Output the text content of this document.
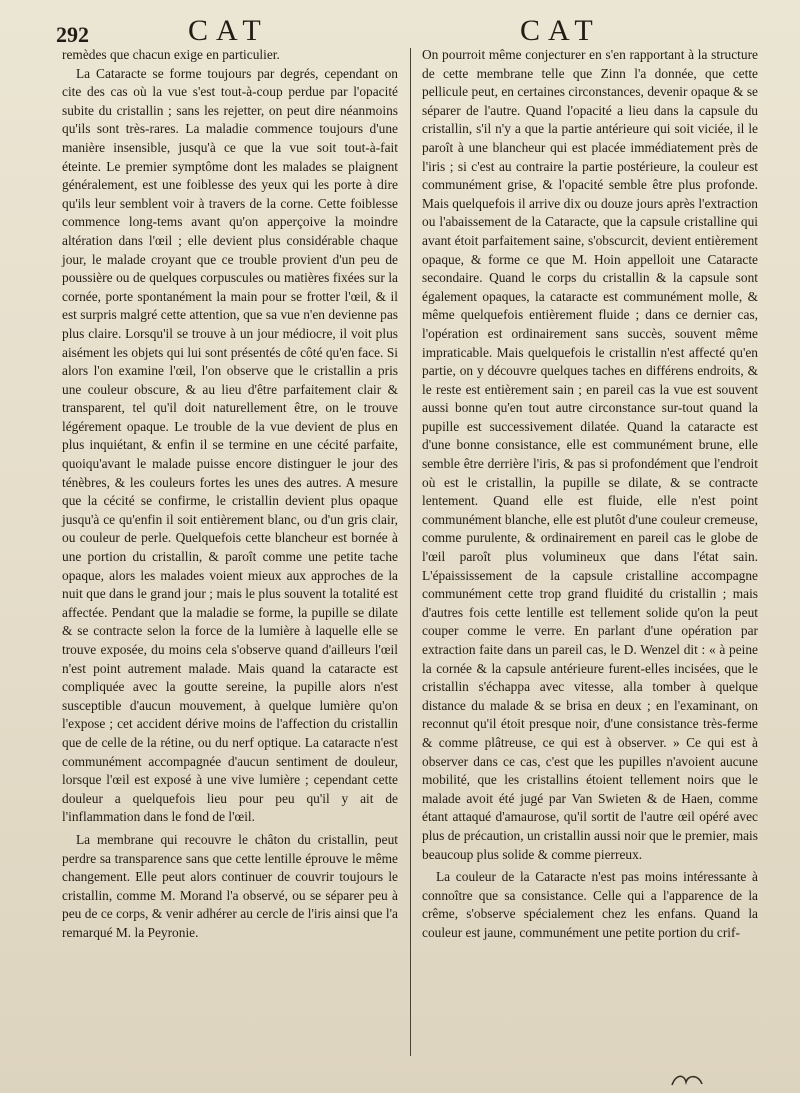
292	CAT	CAT
remèdes que chacun exige en particulier.

La Cataracte se forme toujours par degrés, cependant on cite des cas où la vue s'est tout-à-coup perdue par l'opacité subite du cristallin ; sans les rejetter, on peut dire néanmoins qu'ils sont très-rares. La maladie commence toujours d'une manière insensible, jusqu'à ce que la vue soit tout-à-fait éteinte. Le premier symptôme dont les malades se plaignent généralement, est une foiblesse des yeux qui les porte à dire qu'ils leur semblent voir à travers de la corne. Cette foiblesse commence long-tems avant qu'on apperçoive la moindre altération dans l'œil ; elle devient plus considérable chaque jour, le malade croyant que ce trouble provient d'un peu de poussière ou de quelques corpuscules ou matières fixées sur la cornée, porte spontanément la main pour se frotter l'œil, & il est surpris malgré cette attention, que sa vue n'en devienne pas plus claire. Lorsqu'il se trouve à un jour médiocre, il voit plus aisément les objets qui lui sont présentés de côté qu'en face. Si alors l'on examine l'œil, l'on observe que le cristallin a pris une couleur obscure, & au lieu d'être parfaitement clair & transparent, tel qu'il doit naturellement être, on le trouve légérement opaque. Le trouble de la vue devient de plus en plus inquiétant, & enfin il se termine en une cécité parfaite, quoiqu'avant le malade puisse encore distinguer le jour des ténèbres, & les couleurs fortes les unes des autres. A mesure que la cécité se confirme, le cristallin devient plus opaque jusqu'à ce qu'enfin il soit entièrement blanc, ou d'un gris clair, ou couleur de perle. Quelquefois cette blancheur est bornée à une portion du cristallin, & paroît comme une petite tache opaque, alors les malades voient mieux aux approches de la nuit que dans le grand jour ; mais le plus souvent la totalité est affectée. Pendant que la maladie se forme, la pupille se dilate & se contracte selon la force de la lumière à laquelle elle se trouve exposée, du moins cela s'observe quand d'ailleurs l'œil n'est point autrement malade. Mais quand la cataracte est compliquée avec la goutte sereine, la pupille alors n'est susceptible d'aucun mouvement, à quelque lumière qu'on l'expose ; cet accident dérive moins de l'affection du cristallin que de celle de la rétine, ou du nerf optique. La cataracte n'est communément accompagnée d'aucun sentiment de douleur, lorsque l'œil est exposé à une vive lumière ; cependant cette douleur a quelquefois lieu pour peu qu'il y ait de l'inflammation dans le fond de l'œil.

La membrane qui recouvre le châton du cristallin, peut perdre sa transparence sans que cette lentille éprouve le même changement. Elle peut alors continuer de couvrir toujours le cristallin, comme M. Morand l'a observé, ou se séparer peu à peu de ce corps, & venir adhérer au cercle de l'iris ainsi que l'a remarqué M. la Peyronie.

On pourroit même conjecturer en s'en rapportant à la structure de cette membrane telle que Zinn l'a donnée, que cette pellicule peut, en certaines circonstances, devenir opaque & se séparer de l'autre. Quand l'opacité a lieu dans la capsule du cristallin, s'il n'y a que la partie antérieure qui soit viciée, il le paroît à une blancheur qui est placée immédiatement près de l'iris ; si c'est au contraire la partie postérieure, la couleur est communément grise, & l'opacité semble être plus profonde. Mais quelquefois il arrive dix ou douze jours après l'extraction ou l'abaissement de la Cataracte, que la capsule cristalline qui avant étoit parfaitement saine, s'obscurcit, devient entièrement opaque, & forme ce que M. Hoin appelloit une Cataracte secondaire. Quand le corps du cristallin & la capsule sont également opaques, la cataracte est communément molle, & même quelquefois entièrement fluide ; dans ce dernier cas, l'opération est ordinairement sans succès, souvent même impraticable. Mais quelquefois le cristallin n'est affecté qu'en partie, on y découvre quelques taches en différens endroits, & le reste est entièrement sain ; en pareil cas la vue est souvent aussi bonne qu'en tout autre circonstance sur-tout quand la pupille est successivement dilatée. Quand la cataracte est d'une bonne consistance, elle est communément brune, elle semble être derrière l'iris, & pas si profondément que l'endroit où est le cristallin, la pupille se dilate, & se contracte lentement. Quand elle est fluide, elle n'est point communément blanche, elle est plutôt d'une couleur cremeuse, comme purulente, & ordinairement en pareil cas le globe de l'œil paroît plus volumineux que dans l'état sain. L'épaississement de la capsule cristalline accompagne communément cette trop grand fluidité du cristallin ; mais d'autres fois cette lentille est tellement solide qu'on la peut couper comme le verre. En parlant d'une opération par extraction faite dans un pareil cas, le D. Wenzel dit : « à peine la cornée & la capsule antérieure furent-elles incisées, que le cristallin s'échappa avec vitesse, alla tomber à quelque distance du malade & se brisa en deux ; en l'examinant, on reconnut qu'il étoit presque noir, d'une consistance très-ferme & comme plâtreuse, ce qui est à observer. » Ce qui est à observer dans ce cas, c'est que les pupilles n'avoient aucune mobilité, que les cristallins étoient tellement noirs que le malade avoit été jugé par Van Swieten & de Haen, comme étant attaqué d'amaurose, qu'il sortit de l'autre œil opéré avec plus de précaution, un cristallin aussi noir que le premier, mais beaucoup plus solide & comme pierreux.

La couleur de la Cataracte n'est pas moins intéressante à connoître que sa consistance. Celle qui a l'apparence de la crême, s'observe spécialement chez les enfans. Quand la couleur est jaune, communément une petite portion du crif-
